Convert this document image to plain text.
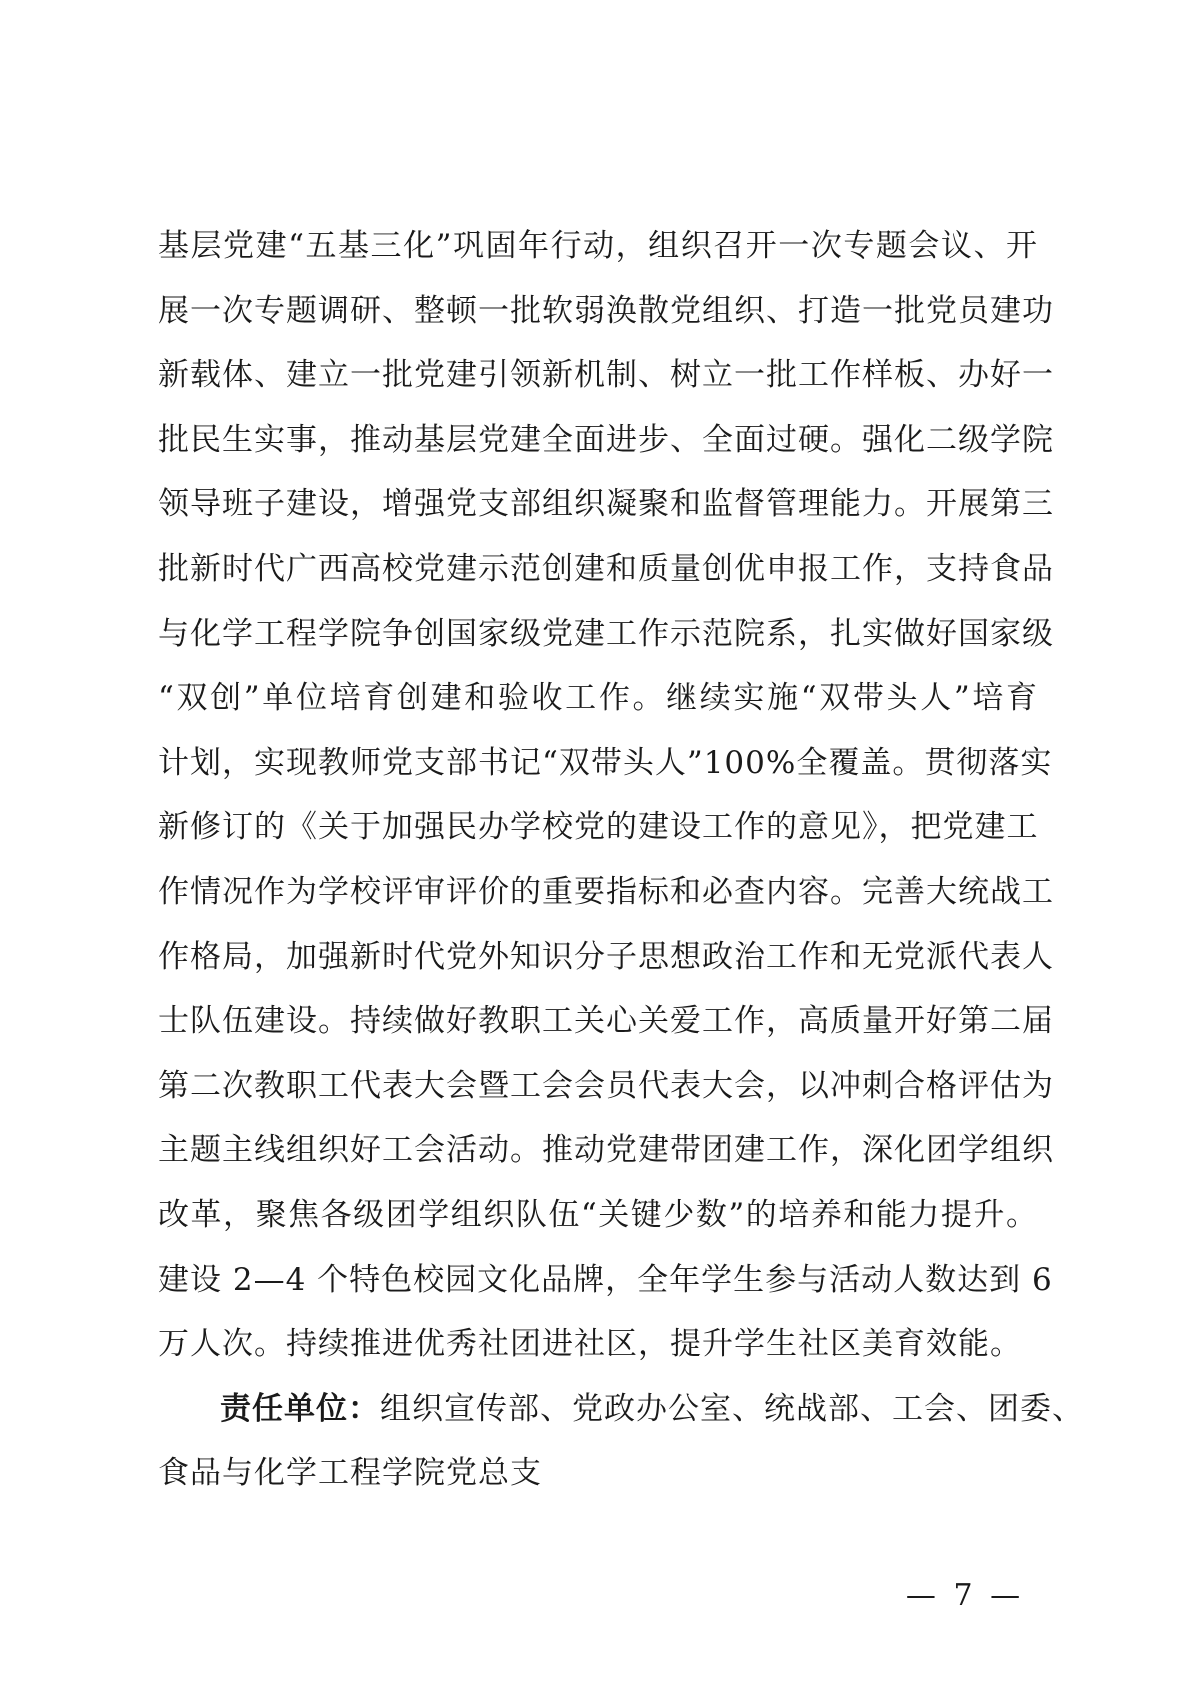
基层党建“五基三化”巩固年行动，组织召开一次专题会议、开
展一次专题调研、整顿一批软弱涣散党组织、打造一批党员建功
新载体、建立一批党建引领新机制、树立一批工作样板、办好一
批民生实事，推动基层党建全面进步、全面过硬。强化二级学院
领导班子建设，增强党支部组织凝聚和监督管理能力。开展第三
批新时代广西高校党建示范创建和质量创优申报工作，支持食品
与化学工程学院争创国家级党建工作示范院系，扎实做好国家级
“双创”单位培育创建和验收工作。继续实施“双带头人”培育
计划，实现教师党支部书记“双带头人”100%全覆盖。贯彻落实
新修订的《关于加强民办学校党的建设工作的意见》，把党建工
作情况作为学校评审评价的重要指标和必查内容。完善大统战工
作格局，加强新时代党外知识分子思想政治工作和无党派代表人
士队伍建设。持续做好教职工关心关爱工作，高质量开好第二届
第二次教职工代表大会暨工会会员代表大会，以冲刺合格评估为
主题主线组织好工会活动。推动党建带团建工作，深化团学组织
改革，聚焦各级团学组织队伍“关键少数”的培养和能力提升。
建设 2—4 个特色校园文化品牌，全年学生参与活动人数达到 6
万人次。持续推进优秀社团进社区，提升学生社区美育效能。
责任单位：组织宣传部、党政办公室、统战部、工会、团委、
食品与化学工程学院党总支
— 7 —
